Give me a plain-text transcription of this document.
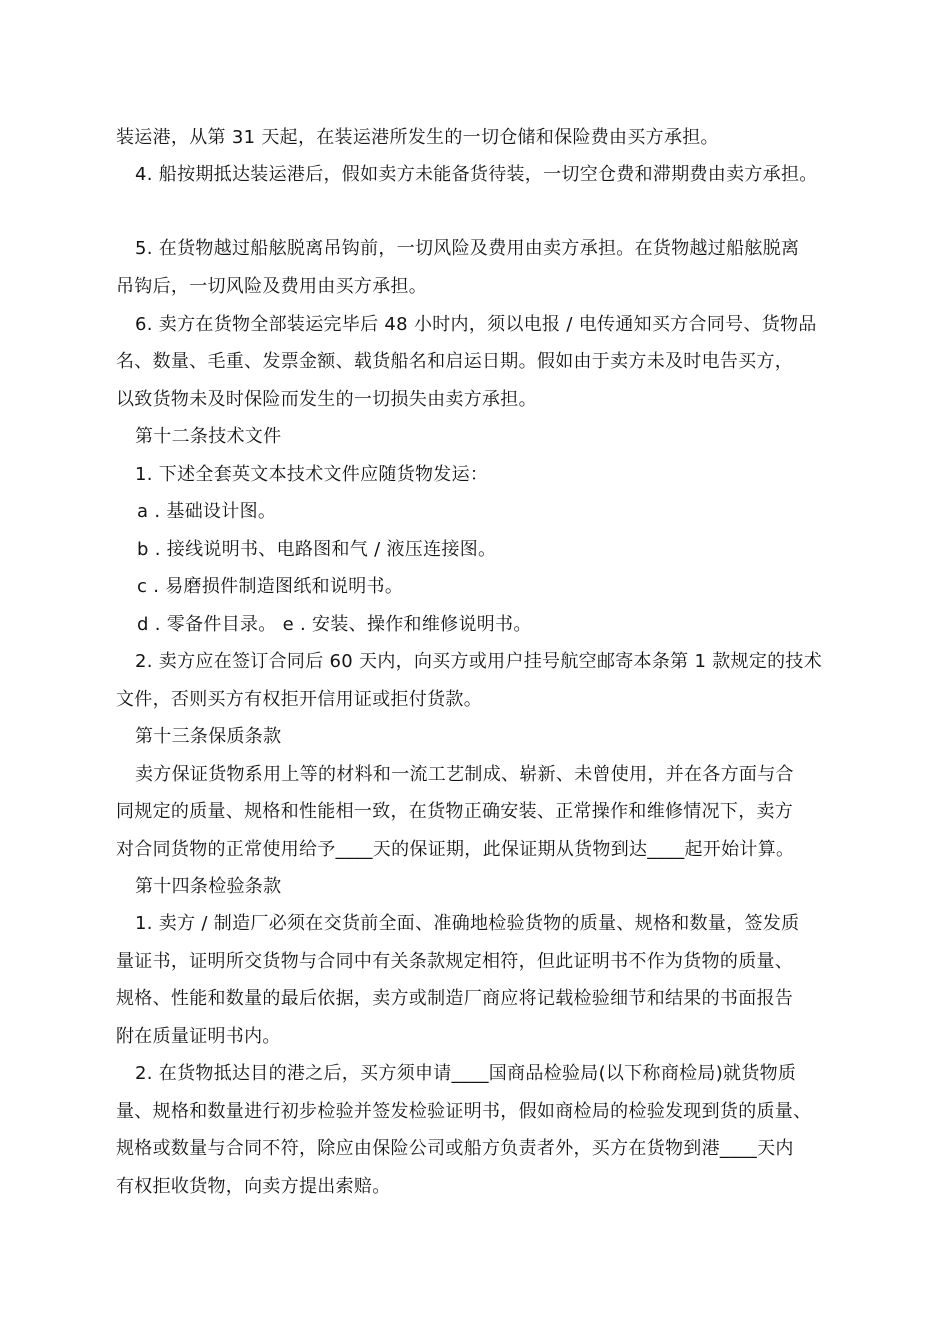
装运港，从第 31 天起，在装运港所发生的一切仓储和保险费由买方承担。
4. 船按期抵达装运港后，假如卖方未能备货待装，一切空仓费和滞期费由卖方承担。
5. 在货物越过船舷脱离吊钩前，一切风险及费用由卖方承担。在货物越过船舷脱离
吊钩后，一切风险及费用由买方承担。
6. 卖方在货物全部装运完毕后 48 小时内，须以电报 / 电传通知买方合同号、货物品
名、数量、毛重、发票金额、载货船名和启运日期。假如由于卖方未及时电告买方，
以致货物未及时保险而发生的一切损失由卖方承担。
第十二条技术文件
1. 下述全套英文本技术文件应随货物发运：
a . 基础设计图。
b . 接线说明书、电路图和气 / 液压连接图。
c . 易磨损件制造图纸和说明书。
d . 零备件目录。 e . 安装、操作和维修说明书。
2. 卖方应在签订合同后 60 天内，向买方或用户挂号航空邮寄本条第 1 款规定的技术
文件，否则买方有权拒开信用证或拒付货款。
第十三条保质条款
卖方保证货物系用上等的材料和一流工艺制成、崭新、未曾使用，并在各方面与合
同规定的质量、规格和性能相一致，在货物正确安装、正常操作和维修情况下，卖方
对合同货物的正常使用给予____天的保证期，此保证期从货物到达____起开始计算。
第十四条检验条款
1. 卖方 / 制造厂必须在交货前全面、准确地检验货物的质量、规格和数量，签发质
量证书，证明所交货物与合同中有关条款规定相符，但此证明书不作为货物的质量、
规格、性能和数量的最后依据，卖方或制造厂商应将记载检验细节和结果的书面报告
附在质量证明书内。
2. 在货物抵达目的港之后，买方须申请____国商品检验局(以下称商检局)就货物质
量、规格和数量进行初步检验并签发检验证明书，假如商检局的检验发现到货的质量、
规格或数量与合同不符，除应由保险公司或船方负责者外，买方在货物到港____天内
有权拒收货物，向卖方提出索赔。
